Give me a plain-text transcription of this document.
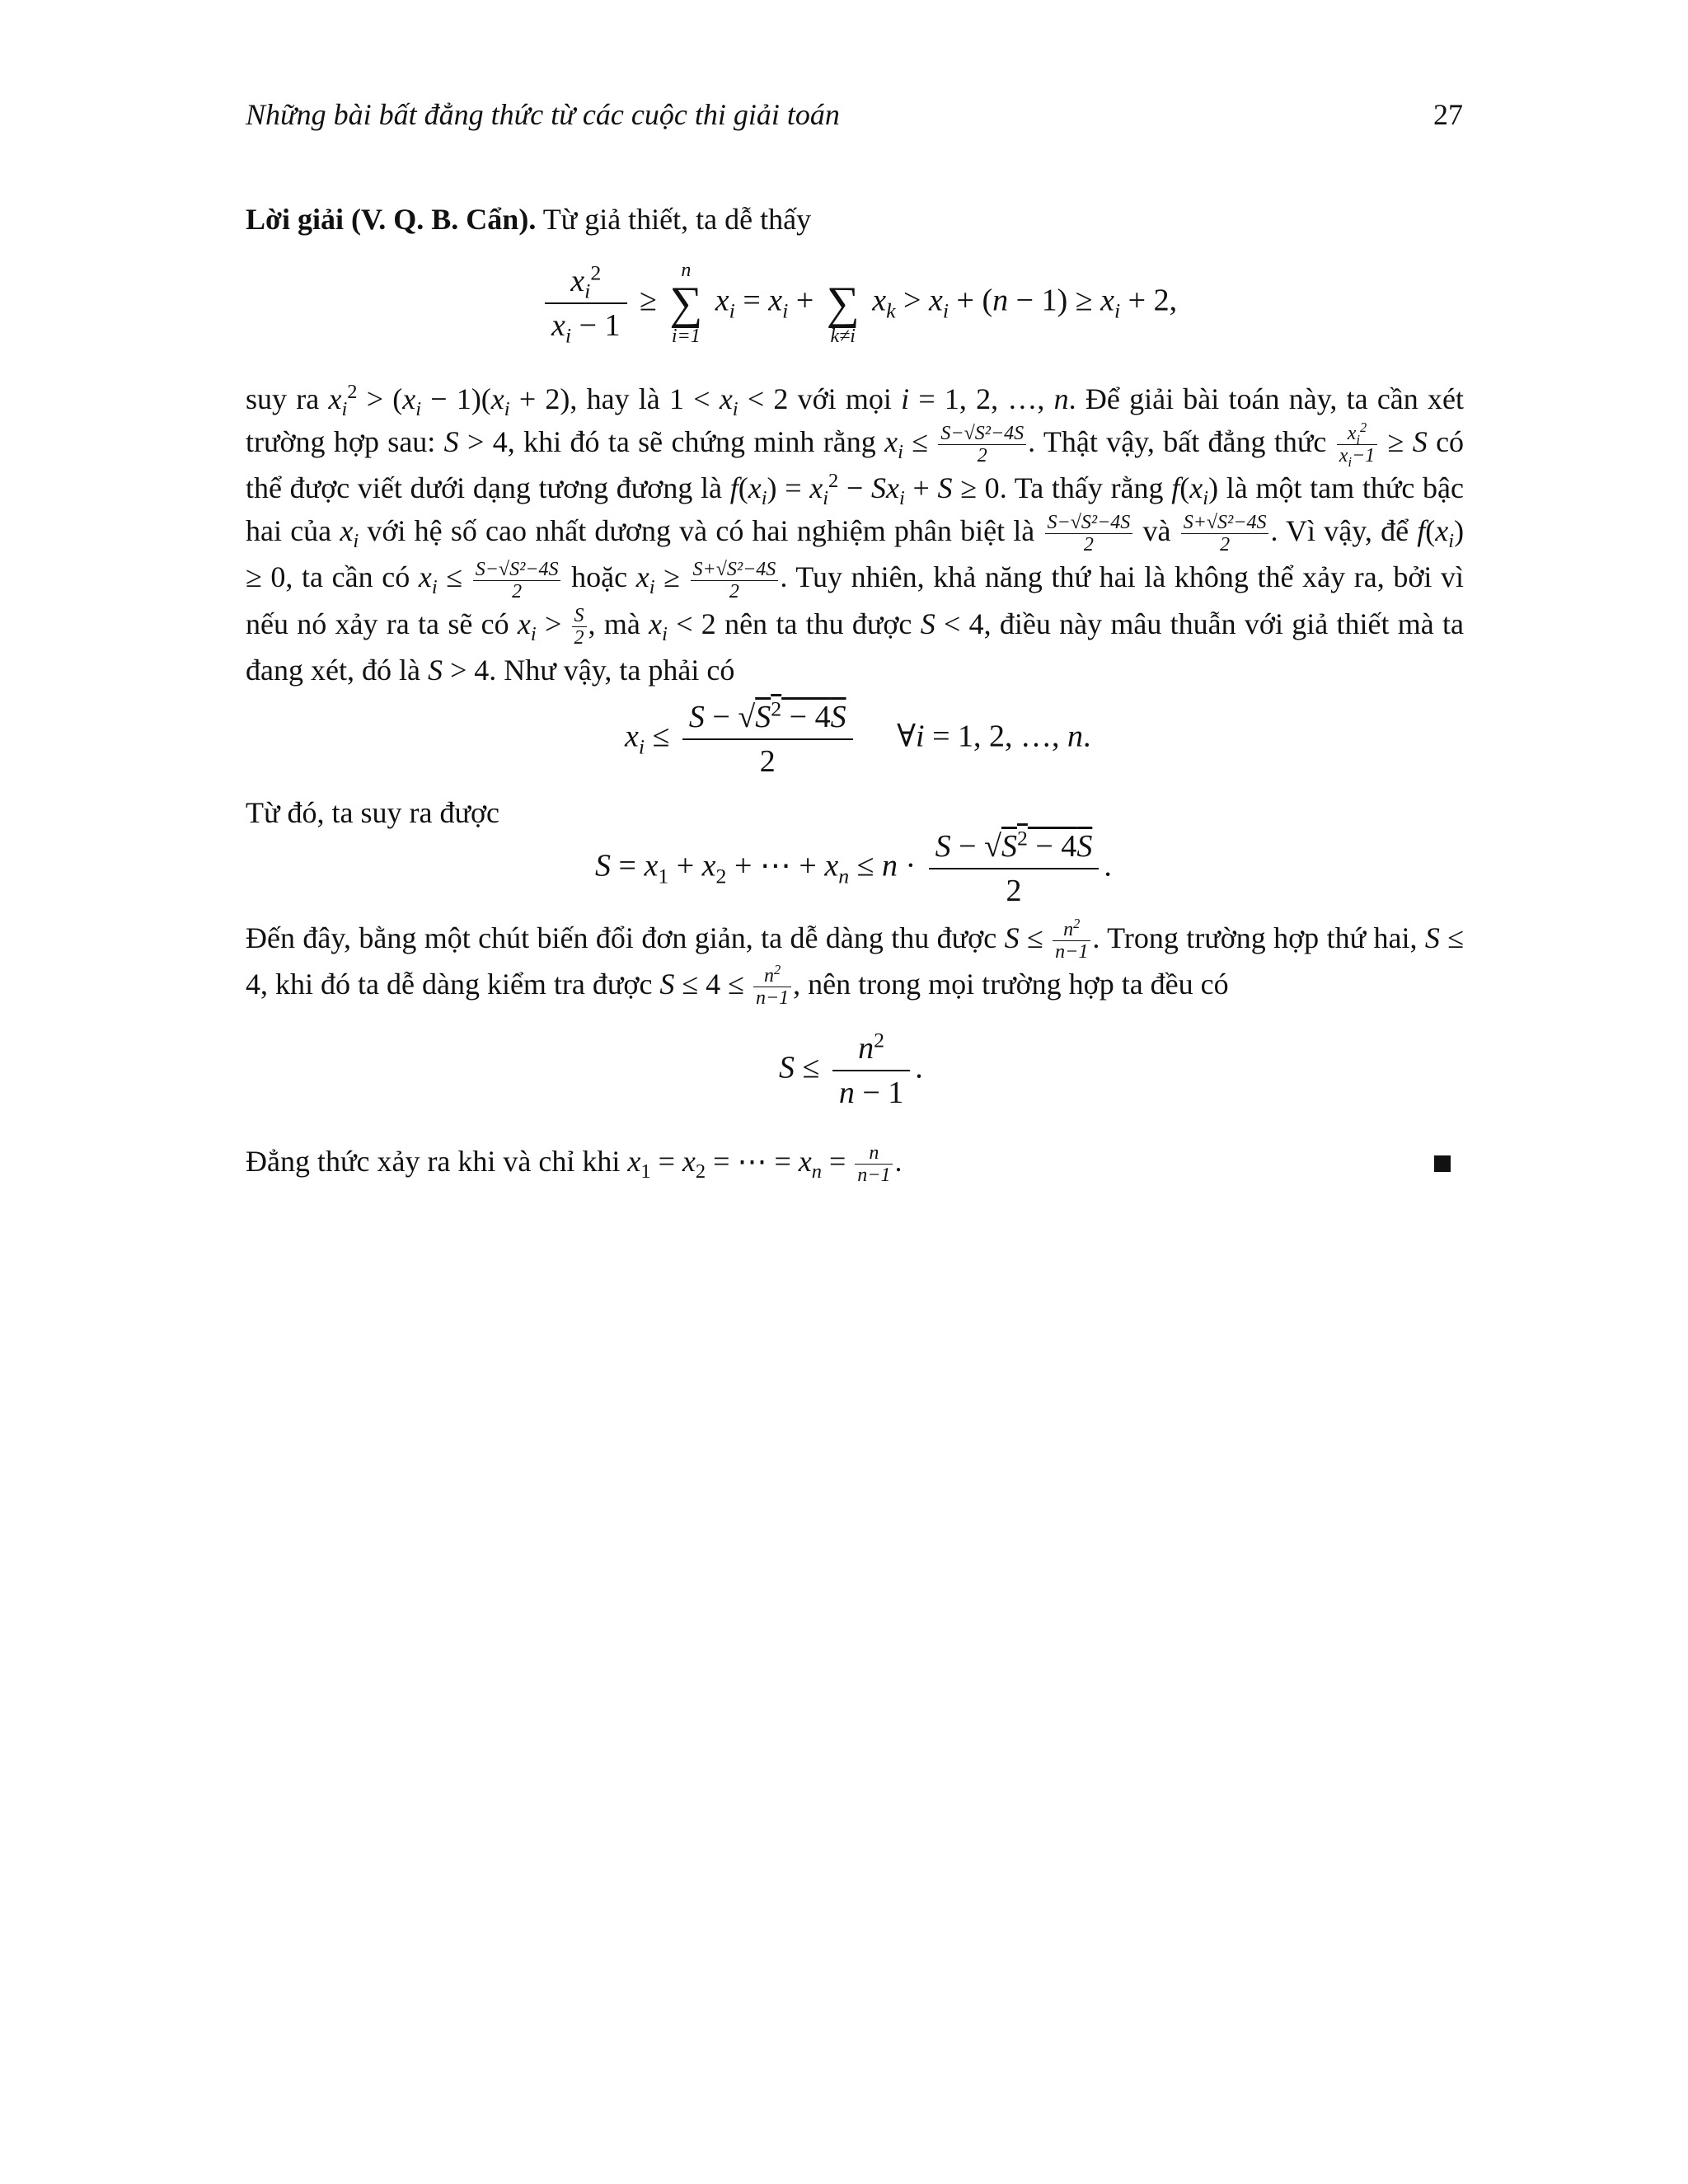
Những bài bất đẳng thức từ các cuộc thi giải toán	27
Lời giải (V. Q. B. Cẩn). Từ giả thiết, ta dễ thấy
$\frac{x_i^2}{x_i - 1}$ ≥
n
∑
i=1
$x_i = x_i$ +
∑
k≠i
$x_k > x_i + (n - 1) \ge x_i + 2$,
suy ra $x_i^2 > (x_i - 1)(x_i + 2)$, hay là $1 < x_i < 2$ với mọi i = 1, 2, …, n. Để giải bài toán này, ta cần xét trường hợp sau: S > 4, khi đó ta sẽ chứng minh rằng $x_i \le \frac{\text{S−√S²−4S}}{2}$ . Thật vậy, bất đẳng thức $\frac{x_i^2}{x_i-1} \ge S$ có thể được viết dưới dạng tương đương là $f(x_i) = x_i^2 - Sx_i + S \ge 0$. Ta thấy rằng $f(x_i)$ là một tam thức bậc hai của $x_i$ với hệ số cao nhất dương và có hai nghiệm phân biệt là $\frac{\text{S−√S²−4S}}{2}$ và $\frac{\text{S+√S²−4S}}{2}$ . Vì vậy, để $f(x_i) \ge 0$, ta cần có $x_i \le \frac{\text{S−√S²−4S}}{2}$ hoặc $x_i \ge \frac{\text{S+√S²−4S}}{2}$ . Tuy nhiên, khả năng thứ hai là không thể xảy ra, bởi vì nếu nó xảy ra ta sẽ có $x_i > \frac{S}{2}$ , mà $x_i < 2$ nên ta thu được S < 4, điều này mâu thuẫn với giả thiết mà ta đang xét, đó là S > 4. Như vậy, ta phải có
$x_i \le \frac{S - √S^2 - 4S}{2}$ ∀i = 1, 2, …, n.
Từ đó, ta suy ra được
$S = x_1 + x_2$ + ⋯ + $x_n \le n \cdot \frac{S - √S^2 - 4S}{2}$ .
Đến đây, bằng một chút biến đổi đơn giản, ta dễ dàng thu được $S \le \frac{n^2}{n-1}$ . Trong trường hợp thứ hai, S ≤ 4, khi đó ta dễ dàng kiểm tra được $S \le 4 \le \frac{n^2}{n-1}$ , nên trong mọi trường hợp ta đều có
$S \le \frac{n^2}{n - 1}$ .
Đẳng thức xảy ra khi và chỉ khi $x_1 = x_2$ = ⋯ = $x_n = \frac{n}{n-1}$ .
